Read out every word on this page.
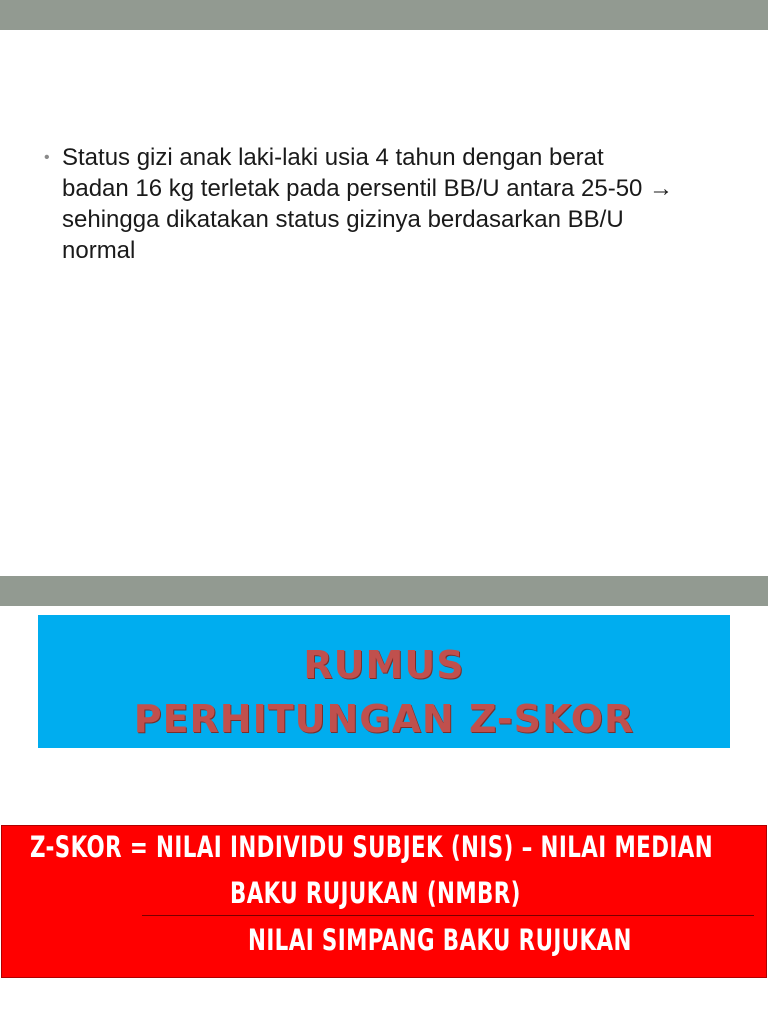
• Status gizi anak laki-laki usia 4 tahun dengan berat
badan 16 kg terletak pada persentil BB/U antara 25-50 →
sehingga dikatakan status gizinya berdasarkan BB/U
normal
RUMUS
PERHITUNGAN Z-SKOR
Z-SKOR = NILAI INDIVIDU SUBJEK (NIS) – NILAI MEDIAN
BAKU RUJUKAN (NMBR)
NILAI SIMPANG BAKU RUJUKAN
